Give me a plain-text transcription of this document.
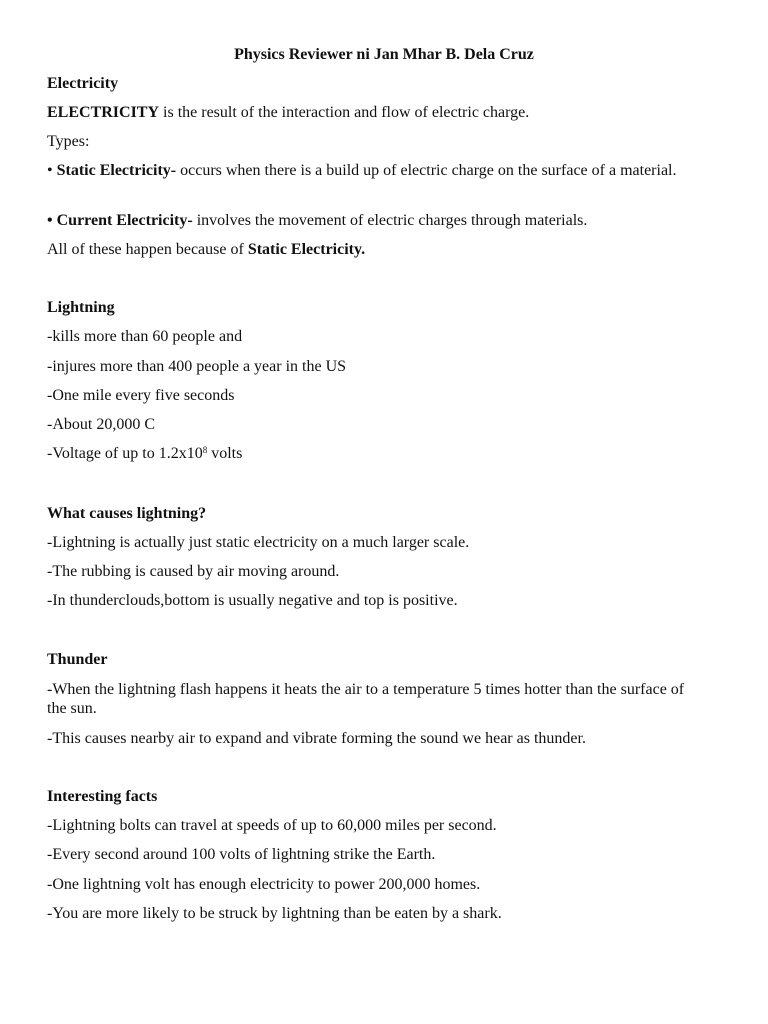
Physics Reviewer ni Jan Mhar B. Dela Cruz
Electricity
ELECTRICITY is the result of the interaction and flow of electric charge.
Types:
• Static Electricity- occurs when there is a build up of electric charge on the surface of a material.
• Current Electricity- involves the movement of electric charges through materials.
All of these happen because of Static Electricity.
Lightning
-kills more than 60 people and
-injures more than 400 people a year in the US
-One mile every five seconds
-About 20,000 C
-Voltage of up to $1.2x10^8$ volts
What causes lightning?
-Lightning is actually just static electricity on a much larger scale.
-The rubbing is caused by air moving around.
-In thunderclouds,bottom is usually negative and top is positive.
Thunder
-When the lightning flash happens it heats the air to a temperature 5 times hotter than the surface of the sun.
-This causes nearby air to expand and vibrate forming the sound we hear as thunder.
Interesting facts
-Lightning bolts can travel at speeds of up to 60,000 miles per second.
-Every second around 100 volts of lightning strike the Earth.
-One lightning volt has enough electricity to power 200,000 homes.
-You are more likely to be struck by lightning than be eaten by a shark.
